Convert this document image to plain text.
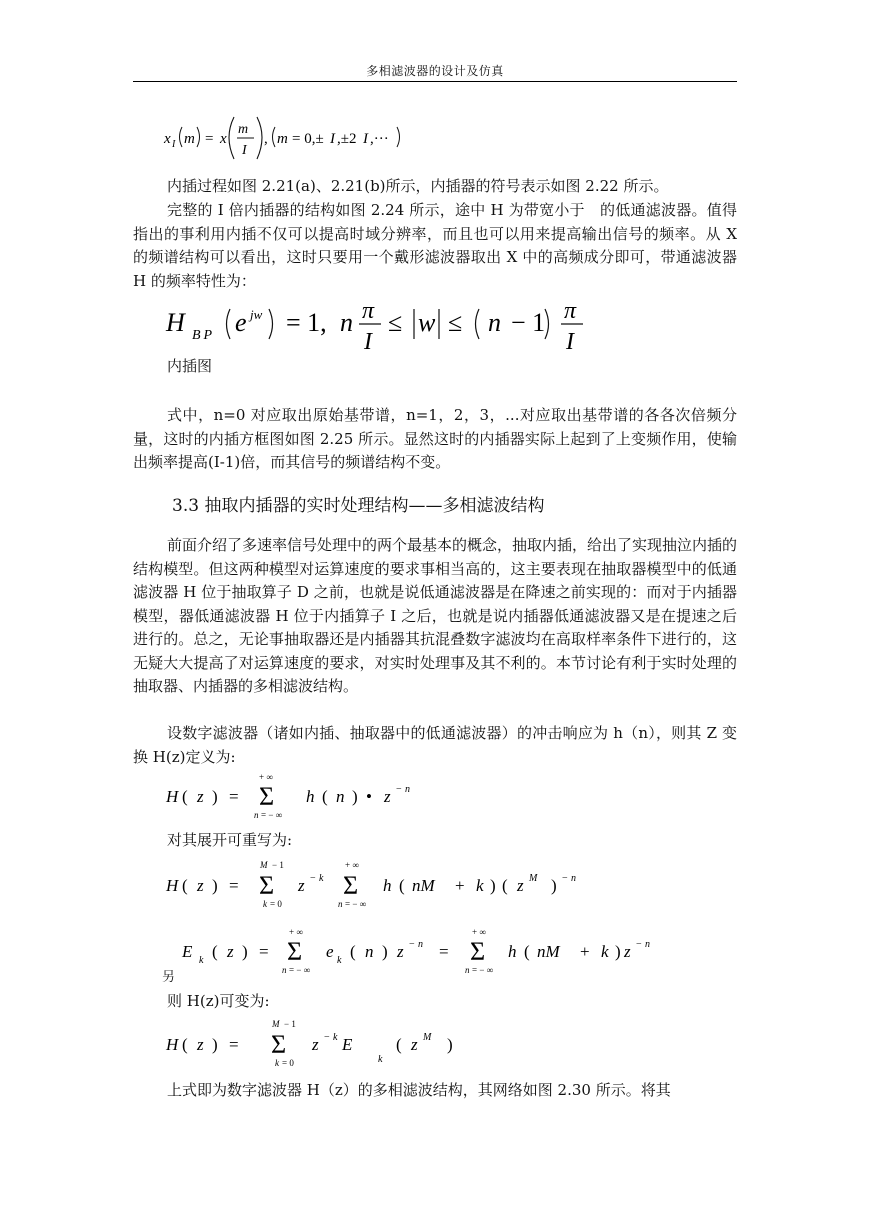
多相滤波器的设计及仿真
x I m = x
m
I
, m = 0,± I ,±2 I ,···

内插过程如图 2.21(a)、2.21(b)所示，内插器的符号表示如图 2.22 所示。

完整的 I 倍内插器的结构如图 2.24 所示，途中 H 为带宽小于　的低通滤波器。值得指出的事利用内插不仅可以提高时域分辨率，而且也可以用来提高输出信号的频率。从 X 的频谱结构可以看出，这时只要用一个戴形滤波器取出 X 中的高频成分即可，带通滤波器 H 的频率特性为：

H BP e jw = 1, n π
I
≤ w ≤ n − 1 π
I
内插图

式中，n=0 对应取出原始基带谱，n=1，2，3，...对应取出基带谱的各各次倍频分量，这时的内插方框图如图 2.25 所示。显然这时的内插器实际上起到了上变频作用，使输出频率提高(I-1)倍，而其信号的频谱结构不变。

3.3 抽取内插器的实时处理结构——多相滤波结构

前面介绍了多速率信号处理中的两个最基本的概念，抽取内插，给出了实现抽泣内插的结构模型。但这两种模型对运算速度的要求事相当高的，这主要表现在抽取器模型中的低通滤波器 H 位于抽取算子 D 之前，也就是说低通滤波器是在降速之前实现的：而对于内插器模型，器低通滤波器 H 位于内插算子 I 之后，也就是说内插器低通滤波器又是在提速之后进行的。总之，无论事抽取器还是内插器其抗混叠数字滤波均在高取样率条件下进行的，这无疑大大提高了对运算速度的要求，对实时处理事及其不利的。本节讨论有利于实时处理的抽取器、内插器的多相滤波结构。

设数字滤波器（诸如内插、抽取器中的低通滤波器）的冲击响应为 h（n），则其 Z 变换 H(z)定义为:

H ( z ) =
+ ∞
Σ
n = − ∞
h ( n ) • z − n

对其展开可重写为:

H ( z ) =
M − 1
Σ
k = 0
z − k
+ ∞
Σ
n = − ∞
h ( nM + k ) ( z M ) − n
E k ( z ) =
+ ∞
Σ
n = − ∞
e k ( n ) z − n =
+ ∞
Σ
n = − ∞
h ( nM + k ) z − n
另

则 H(z)可变为:

H ( z ) =
M − 1
Σ
k = 0
z − k E
k
( z M )

上式即为数字滤波器 H（z）的多相滤波结构，其网络如图 2.30 所示。将其
